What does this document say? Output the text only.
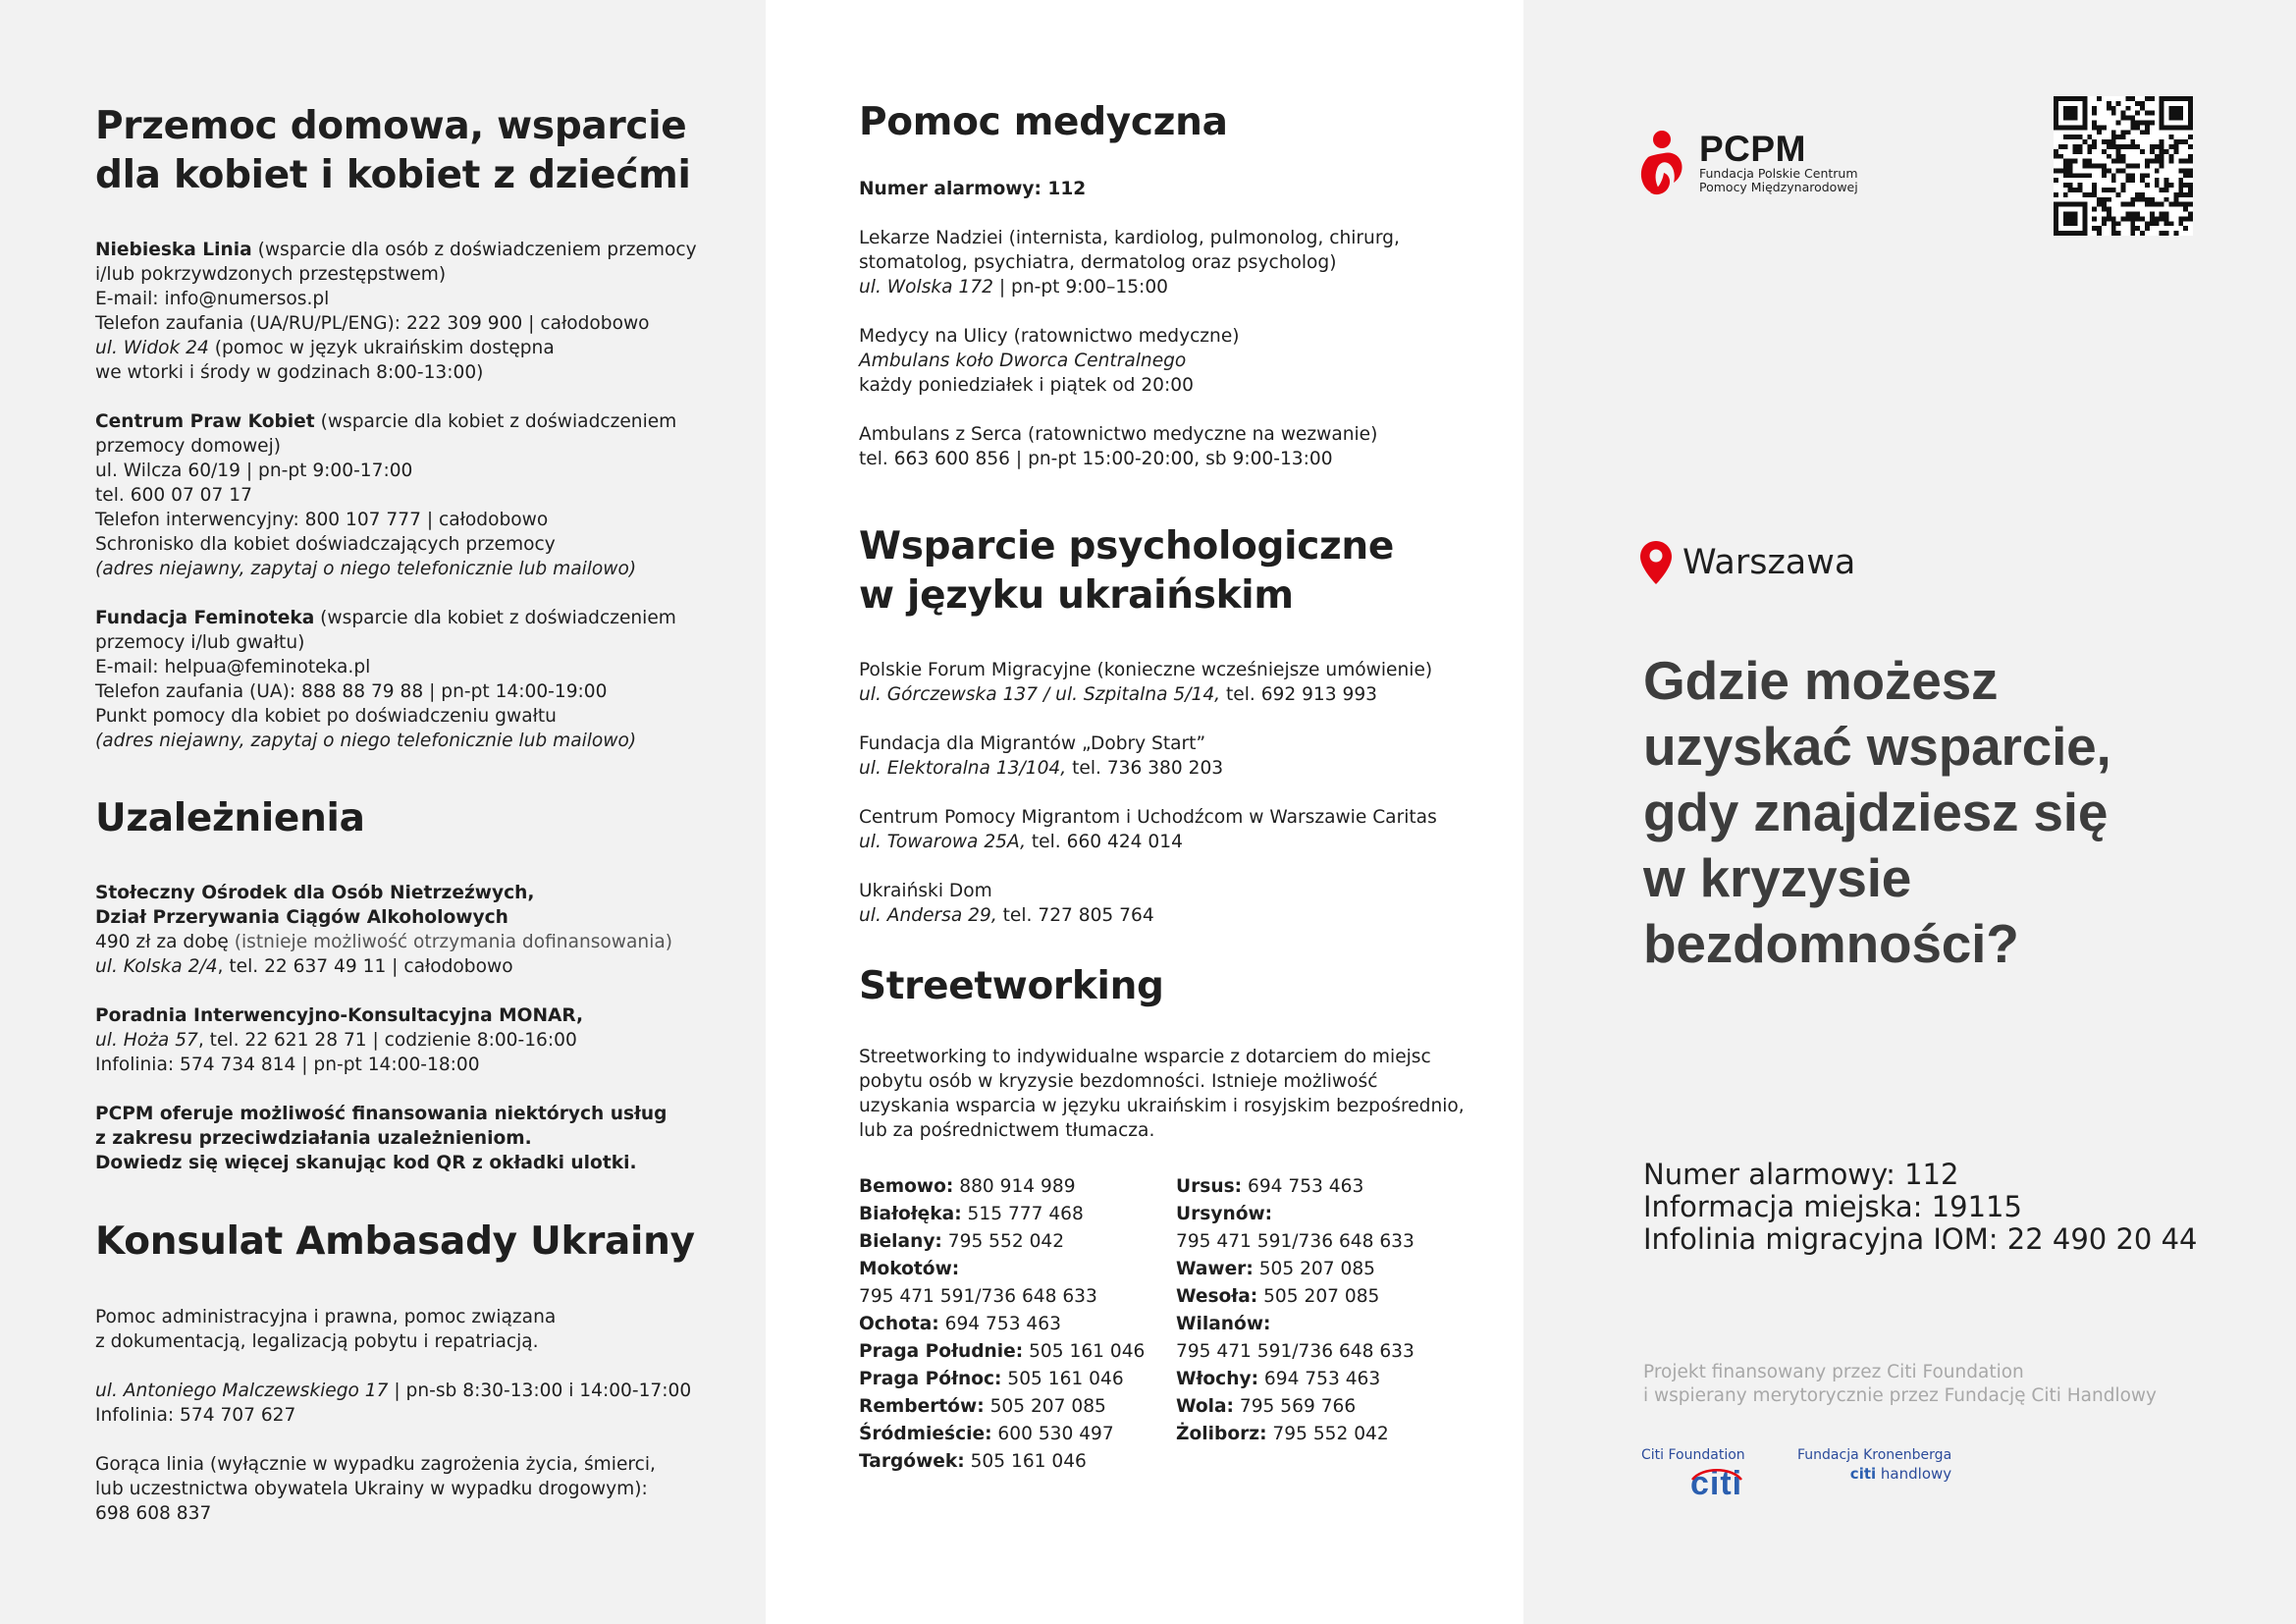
Przemoc domowa, wsparcie
dla kobiet i kobiet z dziećmi
Niebieska Linia (wsparcie dla osób z doświadczeniem przemocy
i/lub pokrzywdzonych przestępstwem)
E-mail: info@numersos.pl
Telefon zaufania (UA/RU/PL/ENG): 222 309 900 | całodobowo
ul. Widok 24 (pomoc w język ukraińskim dostępna
we wtorki i środy w godzinach 8:00-13:00)
Centrum Praw Kobiet (wsparcie dla kobiet z doświadczeniem
przemocy domowej)
ul. Wilcza 60/19 | pn-pt 9:00-17:00
tel. 600 07 07 17
Telefon interwencyjny: 800 107 777 | całodobowo
Schronisko dla kobiet doświadczających przemocy
(adres niejawny, zapytaj o niego telefonicznie lub mailowo)
Fundacja Feminoteka (wsparcie dla kobiet z doświadczeniem
przemocy i/lub gwałtu)
E-mail: helpua@feminoteka.pl
Telefon zaufania (UA): 888 88 79 88 | pn-pt 14:00-19:00
Punkt pomocy dla kobiet po doświadczeniu gwałtu
(adres niejawny, zapytaj o niego telefonicznie lub mailowo)
Uzależnienia
Stołeczny Ośrodek dla Osób Nietrzeźwych,
Dział Przerywania Ciągów Alkoholowych
490 zł za dobę (istnieje możliwość otrzymania dofinansowania)
ul. Kolska 2/4, tel. 22 637 49 11 | całodobowo
Poradnia Interwencyjno-Konsultacyjna MONAR,
ul. Hoża 57, tel. 22 621 28 71 | codzienie 8:00-16:00
Infolinia: 574 734 814 | pn-pt 14:00-18:00
PCPM oferuje możliwość finansowania niektórych usług
z zakresu przeciwdziałania uzależnieniom.
Dowiedz się więcej skanując kod QR z okładki ulotki.
Konsulat Ambasady Ukrainy
Pomoc administracyjna i prawna, pomoc związana
z dokumentacją, legalizacją pobytu i repatriacją.
ul. Antoniego Malczewskiego 17 | pn-sb 8:30-13:00 i 14:00-17:00
Infolinia: 574 707 627
Gorąca linia (wyłącznie w wypadku zagrożenia życia, śmierci,
lub uczestnictwa obywatela Ukrainy w wypadku drogowym):
698 608 837
Pomoc medyczna
Numer alarmowy: 112
Lekarze Nadziei (internista, kardiolog, pulmonolog, chirurg,
stomatolog, psychiatra, dermatolog oraz psycholog)
ul. Wolska 172 | pn-pt 9:00–15:00
Medycy na Ulicy (ratownictwo medyczne)
Ambulans koło Dworca Centralnego
każdy poniedziałek i piątek od 20:00
Ambulans z Serca (ratownictwo medyczne na wezwanie)
tel. 663 600 856 | pn-pt 15:00-20:00, sb 9:00-13:00
Wsparcie psychologiczne
w języku ukraińskim
Polskie Forum Migracyjne (konieczne wcześniejsze umówienie)
ul. Górczewska 137 / ul. Szpitalna 5/14, tel. 692 913 993
Fundacja dla Migrantów „Dobry Start”
ul. Elektoralna 13/104, tel. 736 380 203
Centrum Pomocy Migrantom i Uchodźcom w Warszawie Caritas
ul. Towarowa 25A, tel. 660 424 014
Ukraiński Dom
ul. Andersa 29, tel. 727 805 764
Streetworking
Streetworking to indywidualne wsparcie z dotarciem do miejsc
pobytu osób w kryzysie bezdomności. Istnieje możliwość
uzyskania wsparcia w języku ukraińskim i rosyjskim bezpośrednio,
lub za pośrednictwem tłumacza.
Bemowo: 880 914 989
Białołęka: 515 777 468
Bielany: 795 552 042
Mokotów:
795 471 591/736 648 633
Ochota: 694 753 463
Praga Południe: 505 161 046
Praga Północ: 505 161 046
Rembertów: 505 207 085
Śródmieście: 600 530 497
Targówek: 505 161 046
Ursus: 694 753 463
Ursynów:
795 471 591/736 648 633
Wawer: 505 207 085
Wesoła: 505 207 085
Wilanów:
795 471 591/736 648 633
Włochy: 694 753 463
Wola: 795 569 766
Żoliborz: 795 552 042
PCPM
Fundacja Polskie Centrum
Pomocy Międzynarodowej
Warszawa
Gdzie możesz
uzyskać wsparcie,
gdy znajdziesz się
w kryzysie
bezdomności?
Numer alarmowy: 112
Informacja miejska: 19115
Infolinia migracyjna IOM: 22 490 20 44
Projekt finansowany przez Citi Foundation
i wspierany merytorycznie przez Fundację Citi Handlowy
Citi Foundation
citi
Fundacja Kronenberga
citi handlowy
